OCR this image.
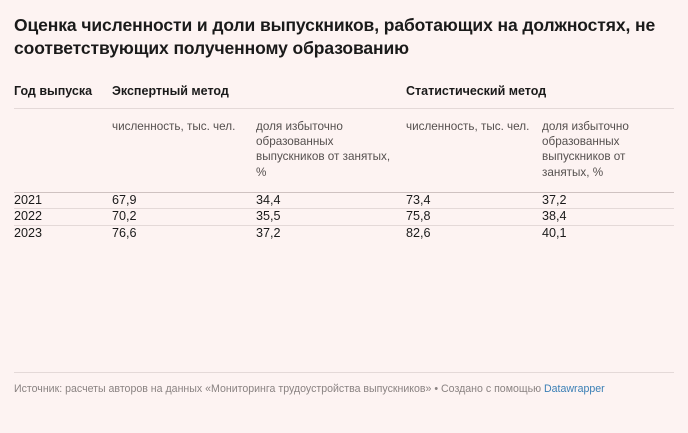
Оценка численности и доли выпускников, работающих на должностях, не соответствующих полученному образованию
Год выпуска	Экспертный метод		Статистический метод	
	численность, тыс. чел.	доля избыточно образованных выпускников от занятых, %	численность, тыс. чел.	доля избыточно образованных выпускников от занятых, %
2021	67,9	34,4	73,4	37,2
2022	70,2	35,5	75,8	38,4
2023	76,6	37,2	82,6	40,1
Источник: расчеты авторов на данных «Мониторинга трудоустройства выпускников» • Создано с помощью Datawrapper
